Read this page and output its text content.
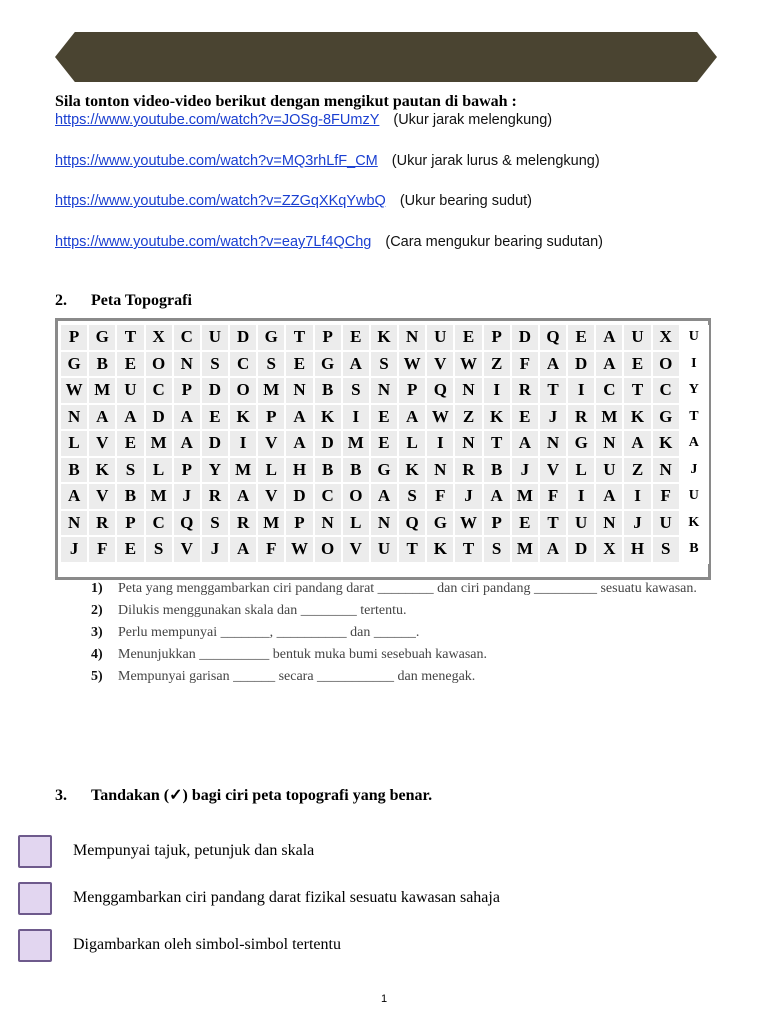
Sila tonton video-video berikut dengan mengikut pautan di bawah :
https://www.youtube.com/watch?v=JOSg-8FUmzY (Ukur jarak melengkung)
https://www.youtube.com/watch?v=MQ3rhLfF_CM (Ukur jarak lurus & melengkung)
https://www.youtube.com/watch?v=ZZGqXKqYwbQ (Ukur bearing sudut)
https://www.youtube.com/watch?v=eay7Lf4QChg (Cara mengukur bearing sudutan)
2. Peta Topografi
P G T X C U D G T	P	E K N U E	P D Q E A U X	U
G B E O N	S	C	S	E G A	S W V W Z	F A D A E O	I
W M U C P D O M N B	S	N P Q N	I	R T	I	C T C	Y
N A A D A E K P A K	I	E A W Z K E	J	R M K G	T
L V E M A D	I	V A D M E L	I	N T A N G N A K	A
B K S	L	P Y M L H B B G K N R B	J	V L U Z N	J
A V B M J	R A V D C O A	S	F	J	A M F	I	A	I	F	U
N R P C Q S	R M P N L N Q G W P	E T U N	J	U	K
J	F	E	S	V	J	A F W O V U T K T	S M A D X H S	B
1)	Peta yang menggambarkan ciri pandang darat ________ dan ciri pandang _________ sesuatu kawasan.
2)	Dilukis menggunakan skala dan ________ tertentu.
3)	Perlu mempunyai _______, __________ dan ______.
4)	Menunjukkan __________ bentuk muka bumi sesebuah kawasan.
5)	Mempunyai garisan ______ secara ___________ dan menegak.
3. Tandakan (✓) bagi ciri peta topografi yang benar.
Mempunyai tajuk, petunjuk dan skala
Menggambarkan ciri pandang darat fizikal sesuatu kawasan sahaja
Digambarkan oleh simbol-simbol tertentu
1
